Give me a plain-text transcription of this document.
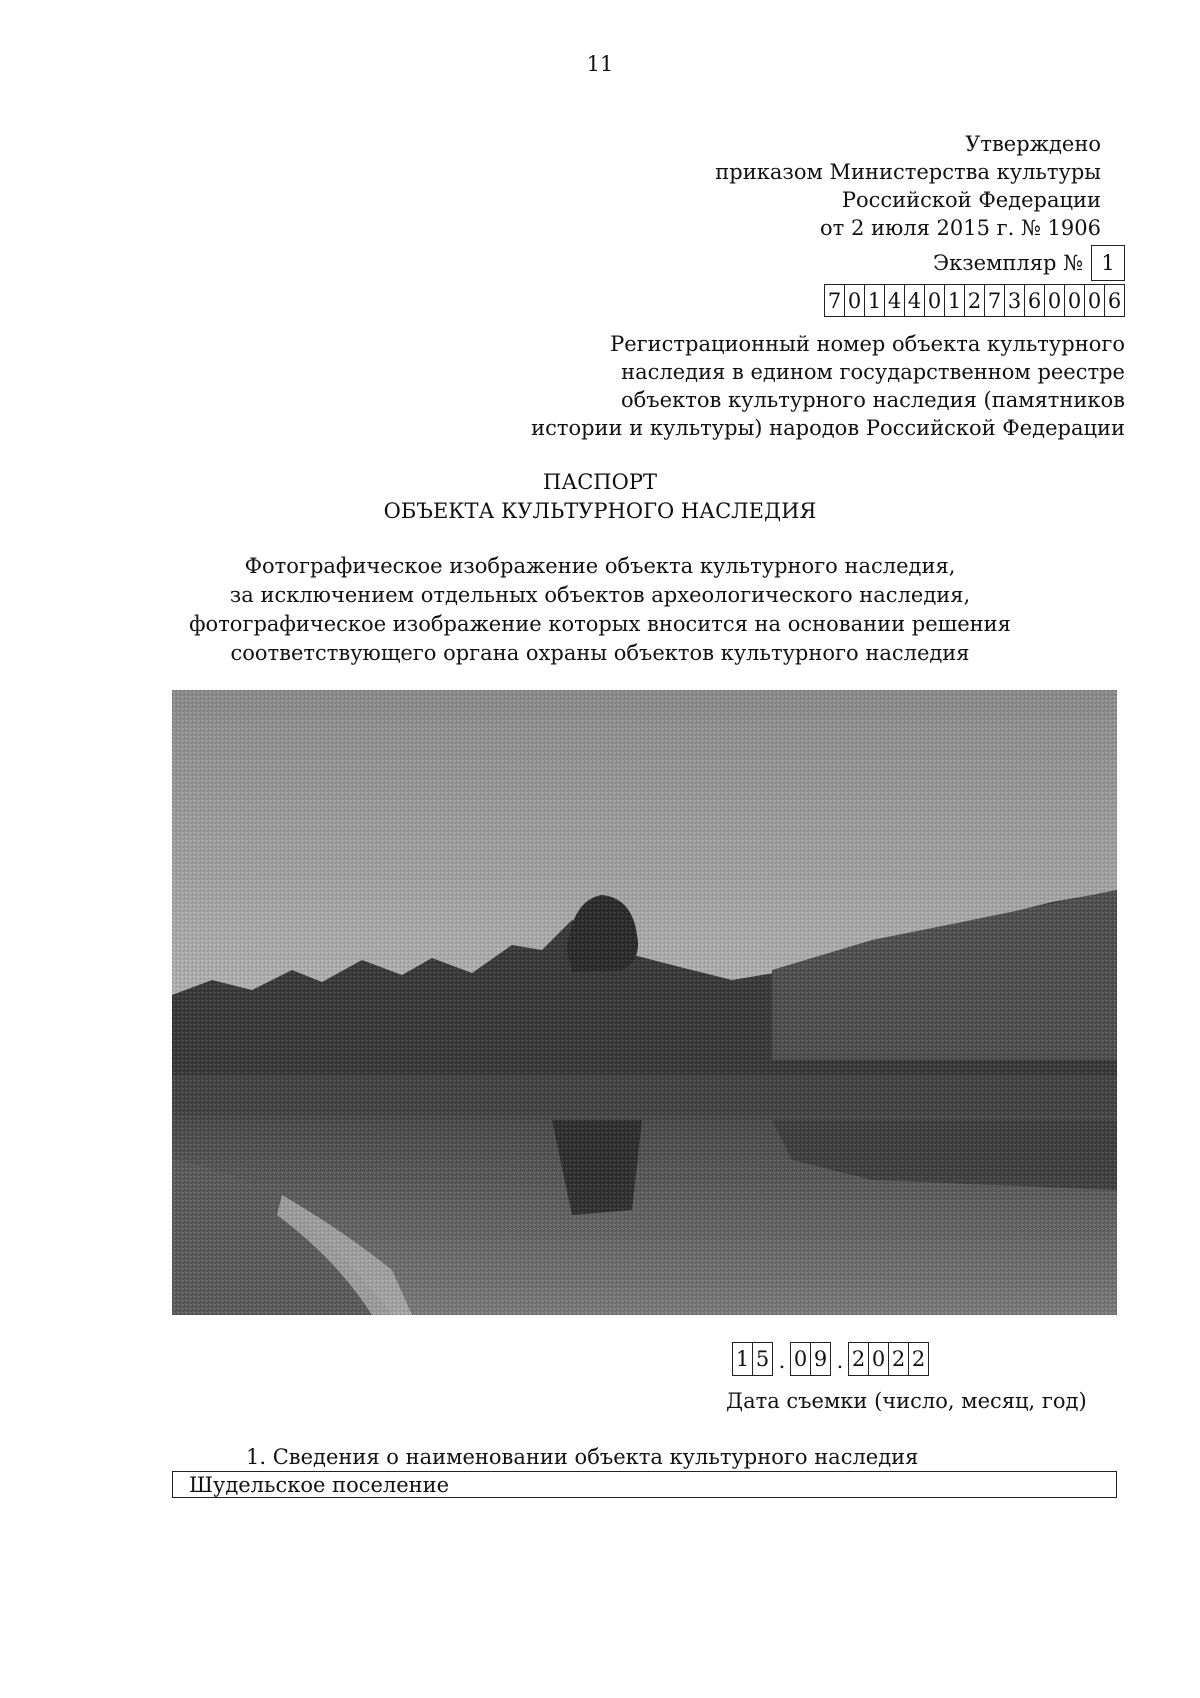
11
Утверждено
приказом Министерства культуры
Российской Федерации
от 2 июля 2015 г. № 1906
Экземпляр № 1
7 0 1 4 4 0 1 2 7 3 6 0 0 0 6
Регистрационный номер объекта культурного
наследия в едином государственном реестре
объектов культурного наследия (памятников
истории и культуры) народов Российской Федерации
ПАСПОРТ
ОБЪЕКТА КУЛЬТУРНОГО НАСЛЕДИЯ
Фотографическое изображение объекта культурного наследия,
за исключением отдельных объектов археологического наследия,
фотографическое изображение которых вносится на основании решения
соответствующего органа охраны объектов культурного наследия
1 5 . 0 9 . 2 0 2 2
Дата съемки (число, месяц, год)
1. Сведения о наименовании объекта культурного наследия
Шудельское поселение
